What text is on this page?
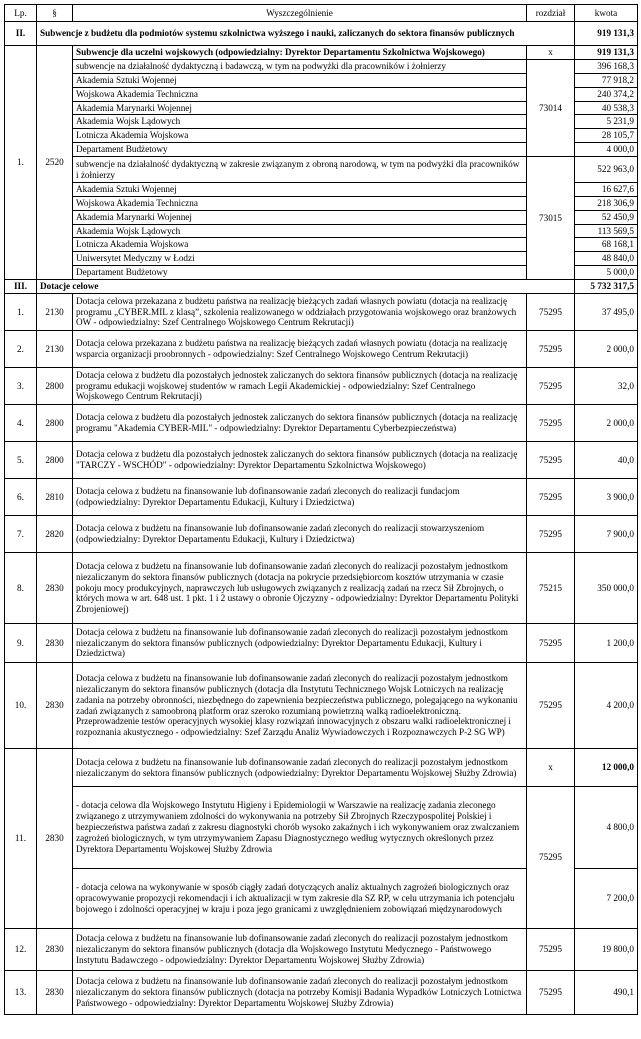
Lp.	§	Wyszczególnienie	rozdział	kwota
II.	Subwencje z budżetu dla podmiotów systemu szkolnictwa wyższego i nauki, zaliczanych do sektora finansów publicznych			919 131,3
1.	2520	Subwencje dla uczelni wojskowych (odpowiedzialny: Dyrektor Departamentu Szkolnictwa Wojskowego)	x	919 131,3
		subwencje na działalność dydaktyczną i badawczą, w tym na podwyżki dla pracowników i żołnierzy	73014	396 168,3
		Akademia Sztuki Wojennej		77 918,2
		Wojskowa Akademia Techniczna		240 374,2
		Akademia Marynarki Wojennej		40 538,3
		Akademia Wojsk Lądowych		5 231,9
		Lotnicza Akademia Wojskowa		28 105,7
		Departament Budżetowy		4 000,0
		subwencje na działalność dydaktyczną w zakresie związanym z obroną narodową, w tym na podwyżki dla pracowników i żołnierzy	73015	522 963,0
		Akademia Sztuki Wojennej		16 627,6
		Wojskowa Akademia Techniczna		218 306,9
		Akademia Marynarki Wojennej		52 450,9
		Akademia Wojsk Lądowych		113 569,5
		Lotnicza Akademia Wojskowa		68 168,1
		Uniwersytet Medyczny w Łodzi		48 840,0
		Departament Budżetowy		5 000,0
III.	Dotacje celowe			5 732 317,5
1.	2130	Dotacja celowa przekazana z budżetu państwa na realizację bieżących zadań własnych powiatu (dotacja na realizację programu „CYBER.MIL z klasą”, szkolenia realizowanego w oddziałach przygotowania wojskowego oraz branżowych OW - odpowiedzialny: Szef Centralnego Wojskowego Centrum Rekrutacji)	75295	37 495,0
2.	2130	Dotacja celowa przekazana z budżetu państwa na realizację bieżących zadań własnych powiatu (dotacja na realizację wsparcia organizacji proobronnych - odpowiedzialny: Szef Centralnego Wojskowego Centrum Rekrutacji)	75295	2 000,0
3.	2800	Dotacja celowa z budżetu dla pozostałych jednostek zaliczanych do sektora finansów publicznych (dotacja na realizację programu edukacji wojskowej studentów w ramach Legii Akademickiej - odpowiedzialny: Szef Centralnego Wojskowego Centrum Rekrutacji)	75295	32,0
4.	2800	Dotacja celowa z budżetu dla pozostałych jednostek zaliczanych do sektora finansów publicznych (dotacja na realizację programu "Akademia CYBER-MIL" - odpowiedzialny: Dyrektor Departamentu Cyberbezpieczeństwa)	75295	2 000,0
5.	2800	Dotacja celowa z budżetu dla pozostałych jednostek zaliczanych do sektora finansów publicznych (dotacja na realizację "TARCZY - WSCHÓD" - odpowiedzialny: Dyrektor Departamentu Szkolnictwa Wojskowego)	75295	40,0
6.	2810	Dotacja celowa z budżetu na finansowanie lub dofinansowanie zadań zleconych do realizacji fundacjom (odpowiedzialny: Dyrektor Departamentu Edukacji, Kultury i Dziedzictwa)	75295	3 900,0
7.	2820	Dotacja celowa z budżetu na finansowanie lub dofinansowanie zadań zleconych do realizacji stowarzyszeniom (odpowiedzialny: Dyrektor Departamentu Edukacji, Kultury i Dziedzictwa)	75295	7 900,0
8.	2830	Dotacja celowa z budżetu na finansowanie lub dofinansowanie zadań zleconych do realizacji pozostałym jednostkom niezaliczanym do sektora finansów publicznych (dotacja na pokrycie przedsiębiorcom kosztów utrzymania w czasie pokoju mocy produkcyjnych, naprawczych lub usługowych związanych z realizacją zadań na rzecz Sił Zbrojnych, o których mowa w art. 648 ust. 1 pkt. 1 i 2 ustawy o obronie Ojczyzny - odpowiedzialny: Dyrektor Departamentu Polityki Zbrojeniowej)	75215	350 000,0
9.	2830	Dotacja celowa z budżetu na finansowanie lub dofinansowanie zadań zleconych do realizacji pozostałym jednostkom niezaliczanym do sektora finansów publicznych (odpowiedzialny: Dyrektor Departamentu Edukacji, Kultury i Dziedzictwa)	75295	1 200,0
10.	2830	Dotacja celowa z budżetu na finansowanie lub dofinansowanie zadań zleconych do realizacji pozostałym jednostkom niezaliczanym do sektora finansów publicznych (dotacja dla Instytutu Technicznego Wojsk Lotniczych na realizację zadania na potrzeby obronności, niezbędnego do zapewnienia bezpieczeństwa publicznego, polegającego na wykonaniu zadań związanych z samoobroną platform oraz szeroko rozumianą powietrzną walką radioelektroniczną. Przeprowadzenie testów operacyjnych wysokiej klasy rozwiązań innowacyjnych z obszaru walki radioelektronicznej i rozpoznania akustycznego - odpowiedzialny: Szef Zarządu Analiz Wywiadowczych i Rozpoznawczych P-2 SG WP)	75295	4 200,0
11.	2830	Dotacja celowa z budżetu na finansowanie lub dofinansowanie zadań zleconych do realizacji pozostałym jednostkom niezaliczanym do sektora finansów publicznych (odpowiedzialny: Dyrektor Departamentu Wojskowej Służby Zdrowia)	x	12 000,0
		- dotacja celowa dla Wojskowego Instytutu Higieny i Epidemiologii w Warszawie na realizację zadania zleconego związanego z utrzymywaniem zdolności do wykonywania na potrzeby Sił Zbrojnych Rzeczypospolitej Polskiej i bezpieczeństwa państwa zadań z zakresu diagnostyki chorób wysoko zakaźnych i ich wykonywaniem oraz zwalczaniem zagrożeń biologicznych, w tym utrzymywaniem Zapasu Diagnostycznego według wytycznych określonych przez Dyrektora Departamentu Wojskowej Służby Zdrowia	75295	4 800,0
		- dotacja celowa na wykonywanie w sposób ciągły zadań dotyczących analiz aktualnych zagrożeń biologicznych oraz opracowywanie propozycji rekomendacji i ich aktualizacji w tym zakresie dla SZ RP, w celu utrzymania ich potencjału bojowego i zdolności operacyjnej w kraju i poza jego granicami z uwzględnieniem zobowiązań międzynarodowych		7 200,0
12.	2830	Dotacja celowa z budżetu na finansowanie lub dofinansowanie zadań zleconych do realizacji pozostałym jednostkom niezaliczanym do sektora finansów publicznych (dotacja dla Wojskowego Instytutu Medycznego - Państwowego Instytutu Badawczego - odpowiedzialny: Dyrektor Departamentu Wojskowej Służby Zdrowia)	75295	19 800,0
13.	2830	Dotacja celowa z budżetu na finansowanie lub dofinansowanie zadań zleconych do realizacji pozostałym jednostkom niezaliczanym do sektora finansów publicznych (dotacja na potrzeby Komisji Badania Wypadków Lotniczych Lotnictwa Państwowego - odpowiedzialny: Dyrektor Departamentu Wojskowej Służby Zdrowia)	75295	490,1
